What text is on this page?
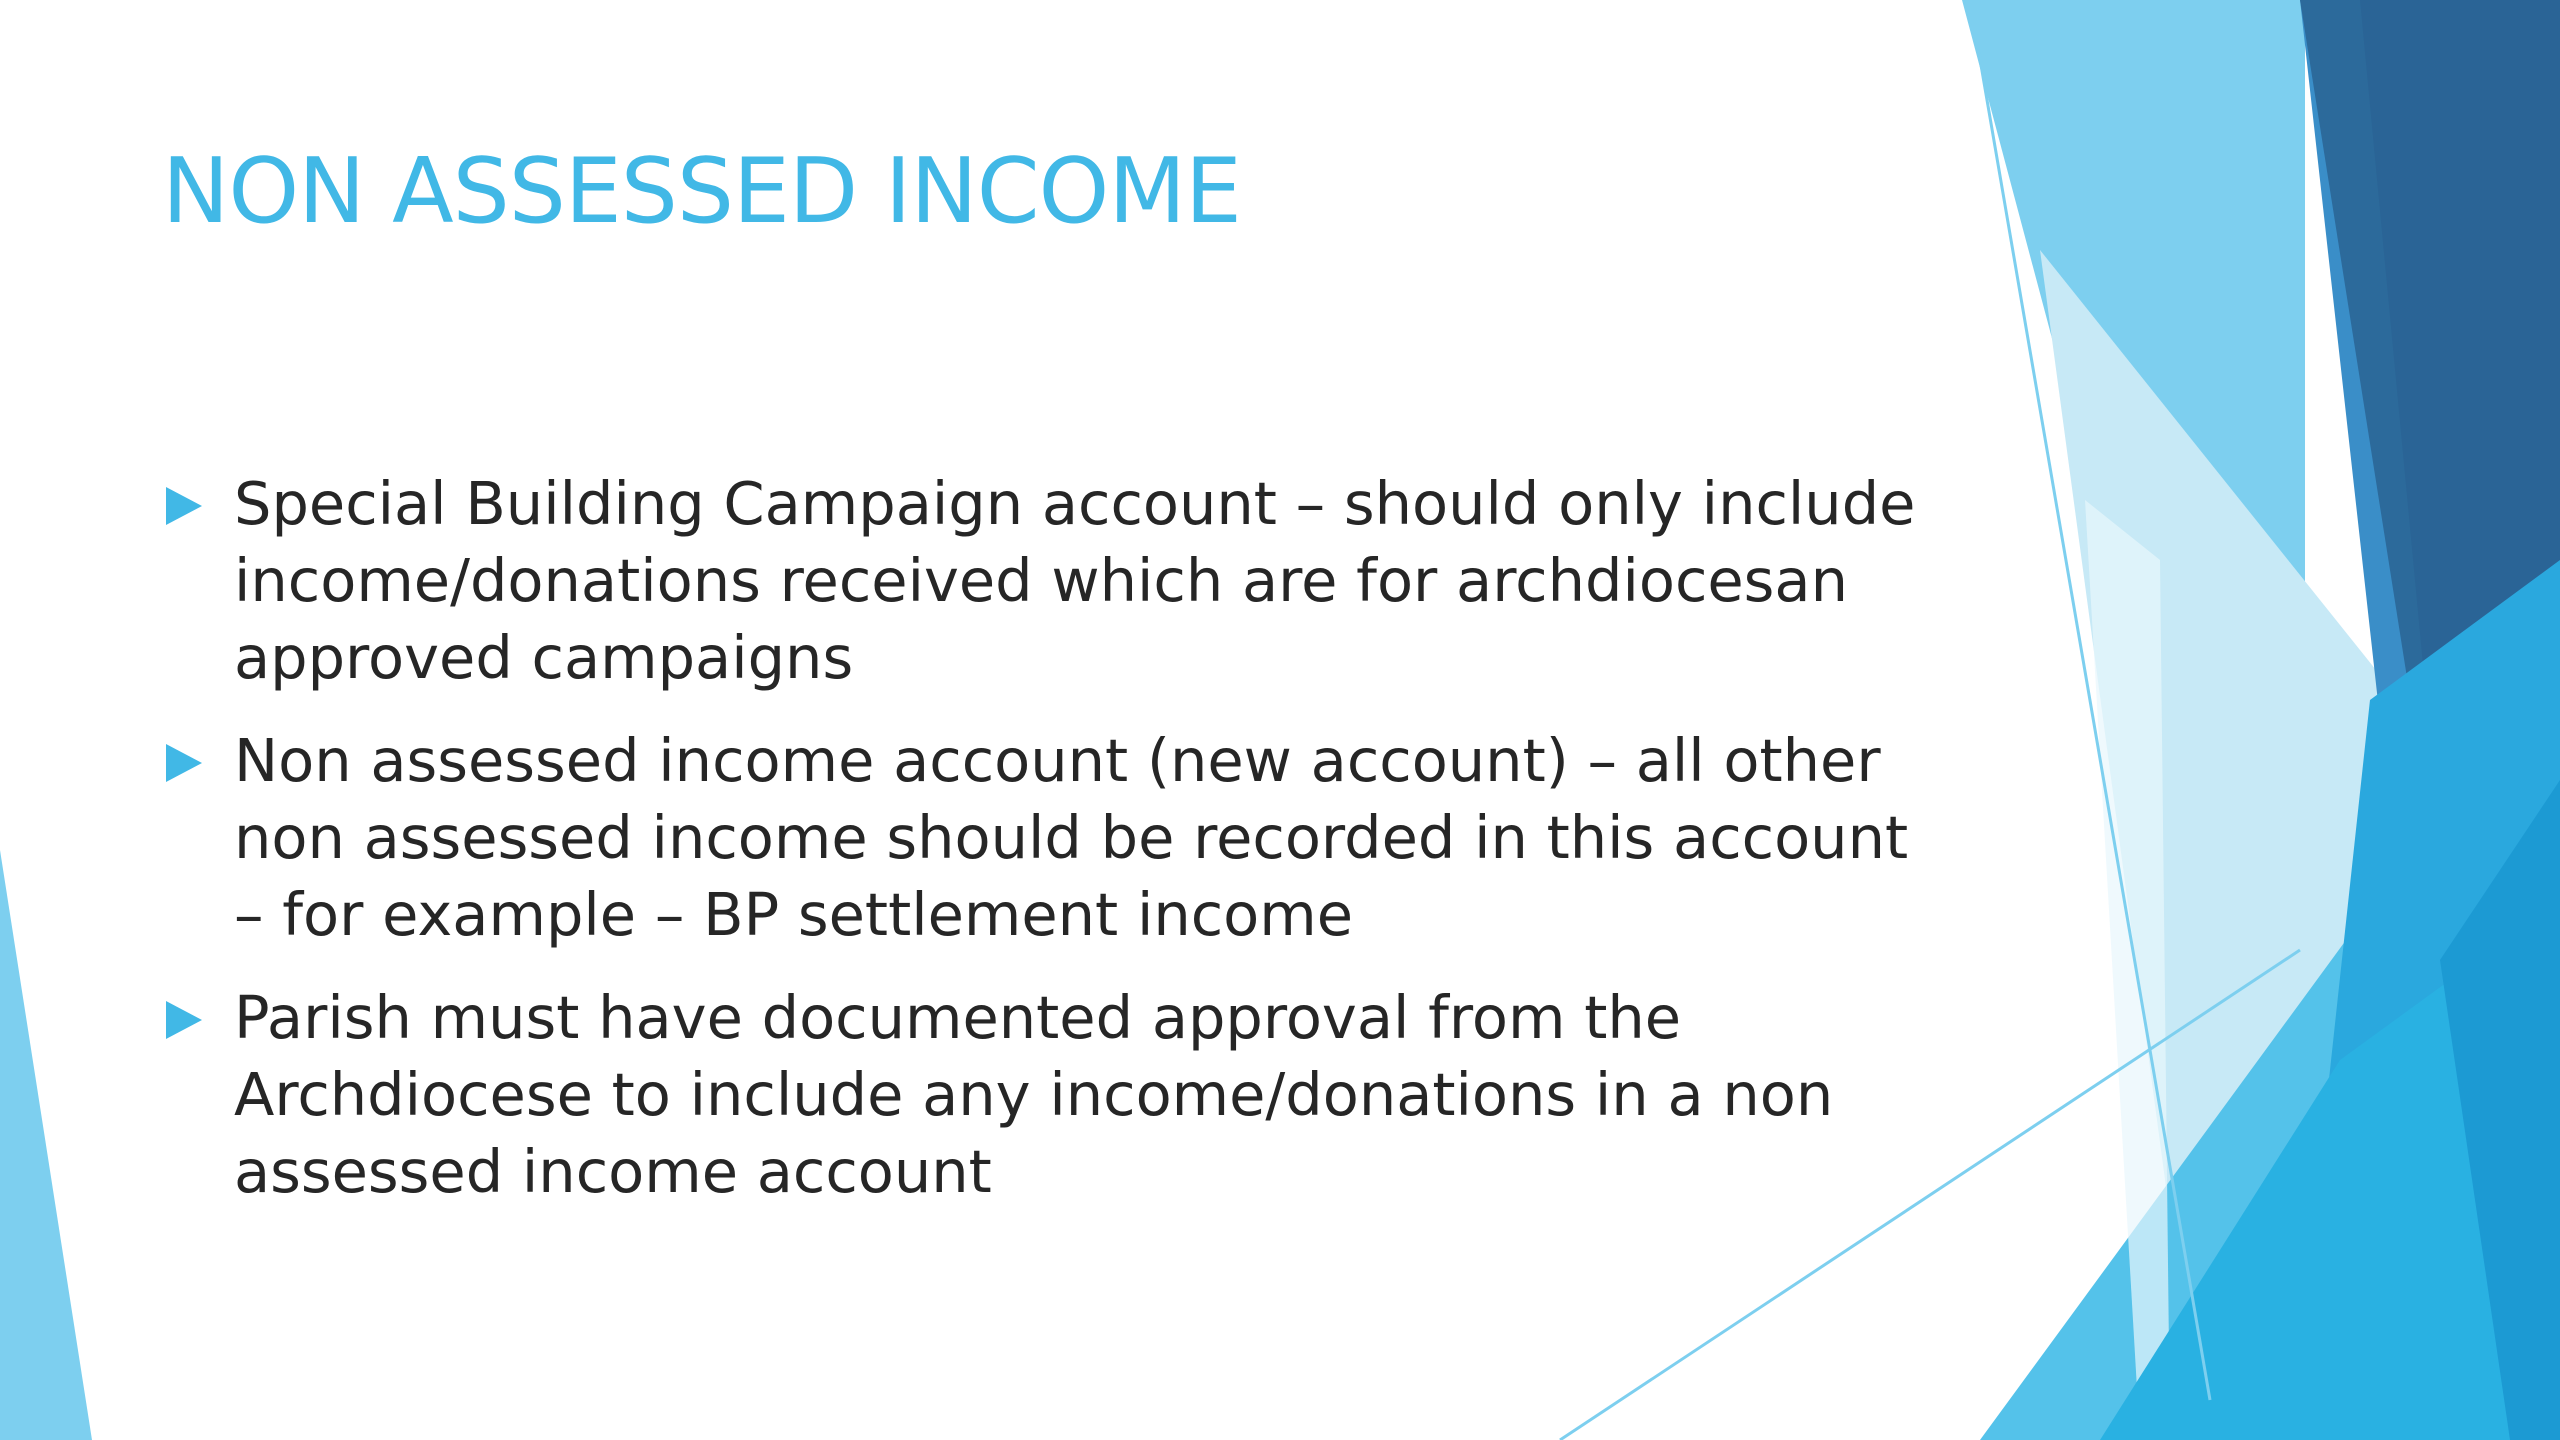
NON ASSESSED INCOME
Special Building Campaign account – should only include income/donations received which are for archdiocesan approved campaigns
Non assessed income account (new account) – all other non assessed income should be recorded in this account – for example – BP settlement income
Parish must have documented approval from the Archdiocese to include any income/donations in a non assessed income account
